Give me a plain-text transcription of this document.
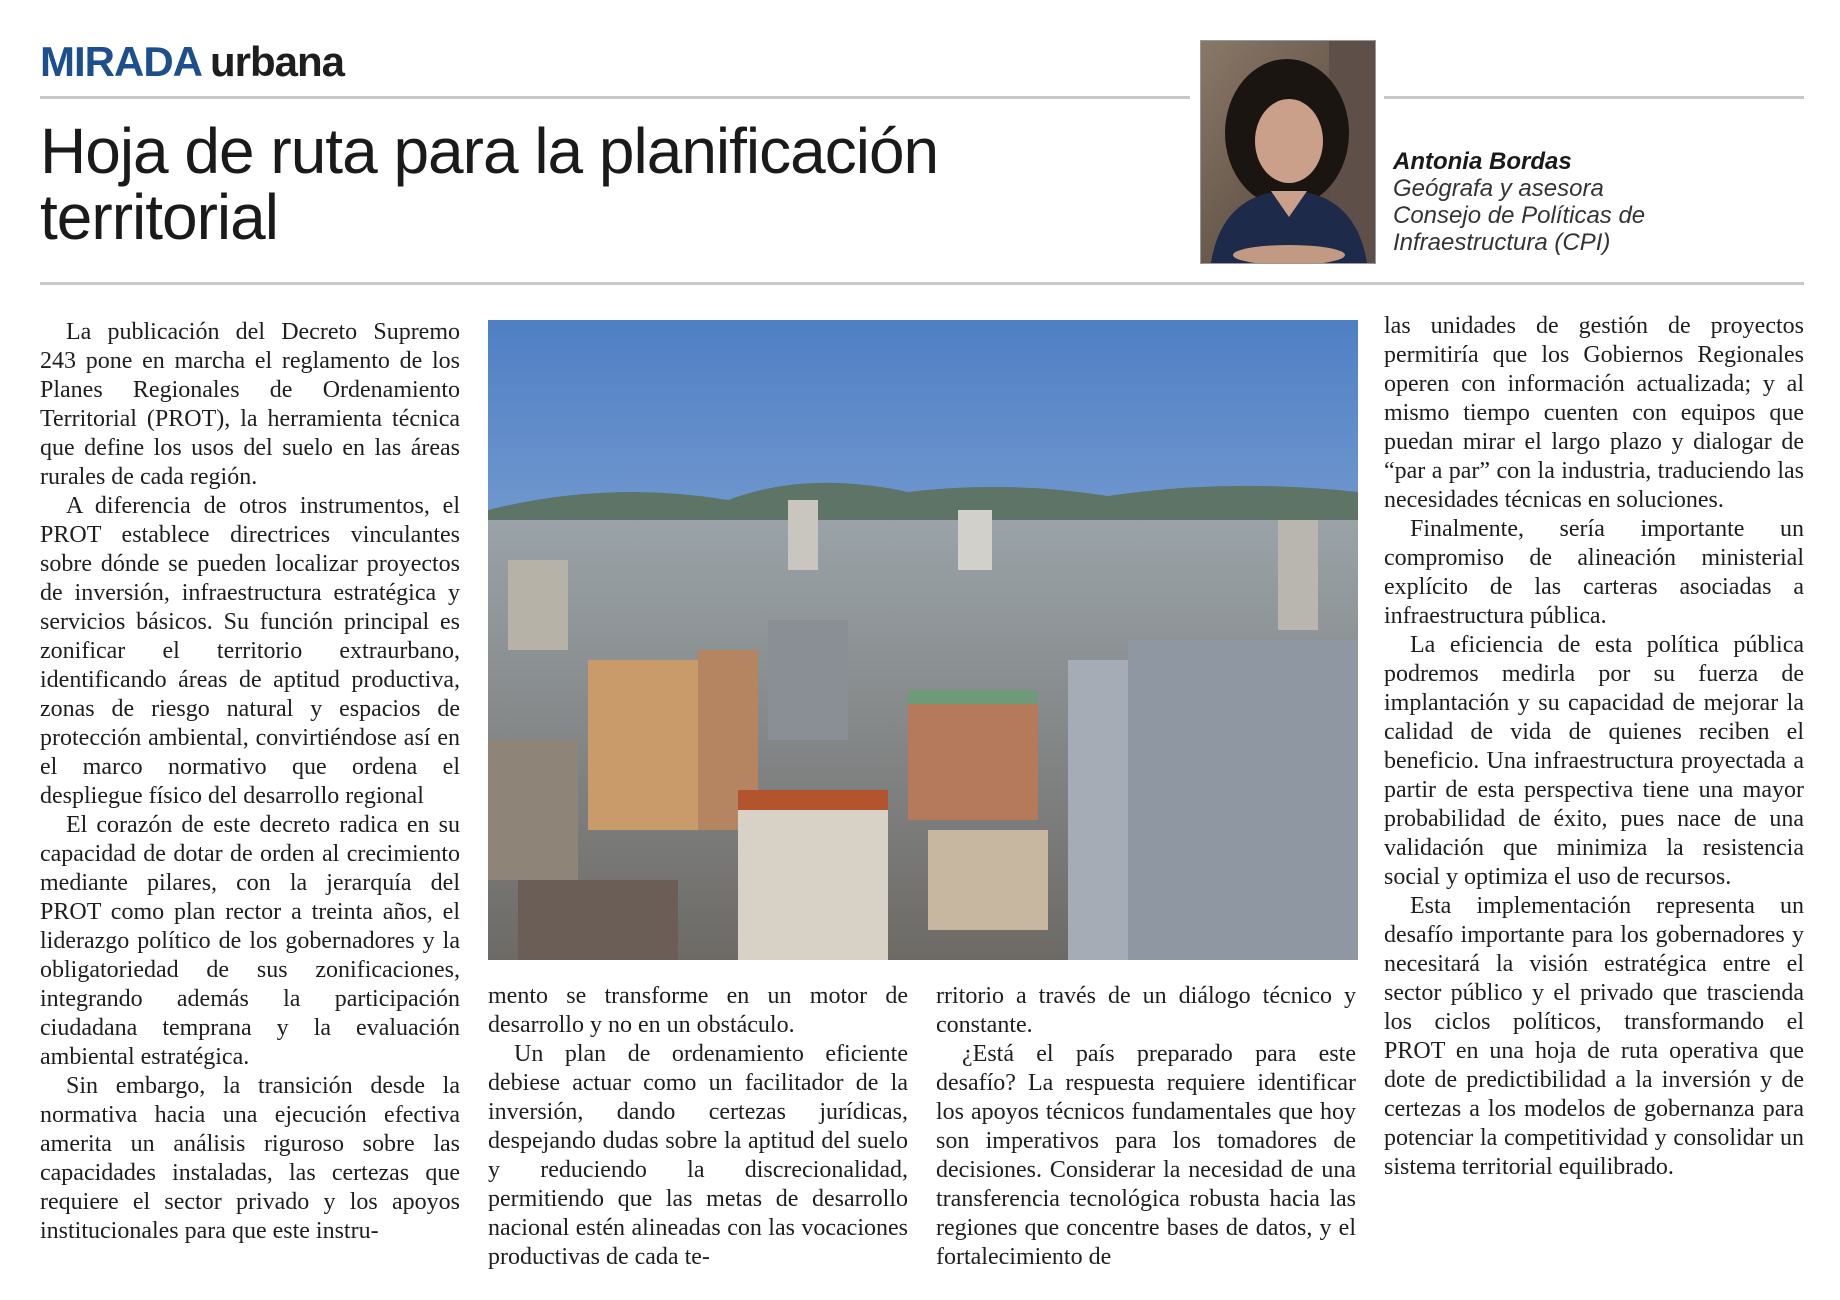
MIRADA urbana
Hoja de ruta para la planificación territorial
Antonia Bordas
Geógrafa y asesora
Consejo de Políticas de
Infraestructura (CPI)

La publicación del Decreto Supremo 243 pone en marcha el reglamento de los Planes Regionales de Ordenamiento Territorial (PROT), la herramienta técnica que define los usos del suelo en las áreas rurales de cada región.

A diferencia de otros instrumentos, el PROT establece directrices vinculantes sobre dónde se pueden localizar proyectos de inversión, infraestructura estratégica y servicios básicos. Su función principal es zonificar el territorio extraurbano, identificando áreas de aptitud productiva, zonas de riesgo natural y espacios de protección ambiental, convirtiéndose así en el marco normativo que ordena el despliegue físico del desarrollo regional

El corazón de este decreto radica en su capacidad de dotar de orden al crecimiento mediante pilares, con la jerarquía del PROT como plan rector a treinta años, el liderazgo político de los gobernadores y la obligatoriedad de sus zonificaciones, integrando además la participación ciudadana temprana y la evaluación ambiental estratégica.

Sin embargo, la transición desde la normativa hacia una ejecución efectiva amerita un análisis riguroso sobre las capacidades instaladas, las certezas que requiere el sector privado y los apoyos institucionales para que este instru-

mento se transforme en un motor de desarrollo y no en un obstáculo.

Un plan de ordenamiento eficiente debiese actuar como un facilitador de la inversión, dando certezas jurídicas, despejando dudas sobre la aptitud del suelo y reduciendo la discrecionalidad, permitiendo que las metas de desarrollo nacional estén alineadas con las vocaciones productivas de cada te-

rritorio a través de un diálogo técnico y constante.

¿Está el país preparado para este desafío? La respuesta requiere identificar los apoyos técnicos fundamentales que hoy son imperativos para los tomadores de decisiones. Considerar la necesidad de una transferencia tecnológica robusta hacia las regiones que concentre bases de datos, y el fortalecimiento de

las unidades de gestión de proyectos permitiría que los Gobiernos Regionales operen con información actualizada; y al mismo tiempo cuenten con equipos que puedan mirar el largo plazo y dialogar de “par a par” con la industria, traduciendo las necesidades técnicas en soluciones.

Finalmente, sería importante un compromiso de alineación ministerial explícito de las carteras asociadas a infraestructura pública.

La eficiencia de esta política pública podremos medirla por su fuerza de implantación y su capacidad de mejorar la calidad de vida de quienes reciben el beneficio. Una infraestructura proyectada a partir de esta perspectiva tiene una mayor probabilidad de éxito, pues nace de una validación que minimiza la resistencia social y optimiza el uso de recursos.

Esta implementación representa un desafío importante para los gobernadores y necesitará la visión estratégica entre el sector público y el privado que trascienda los ciclos políticos, transformando el PROT en una hoja de ruta operativa que dote de predictibilidad a la inversión y de certezas a los modelos de gobernanza para potenciar la competitividad y consolidar un sistema territorial equilibrado.
